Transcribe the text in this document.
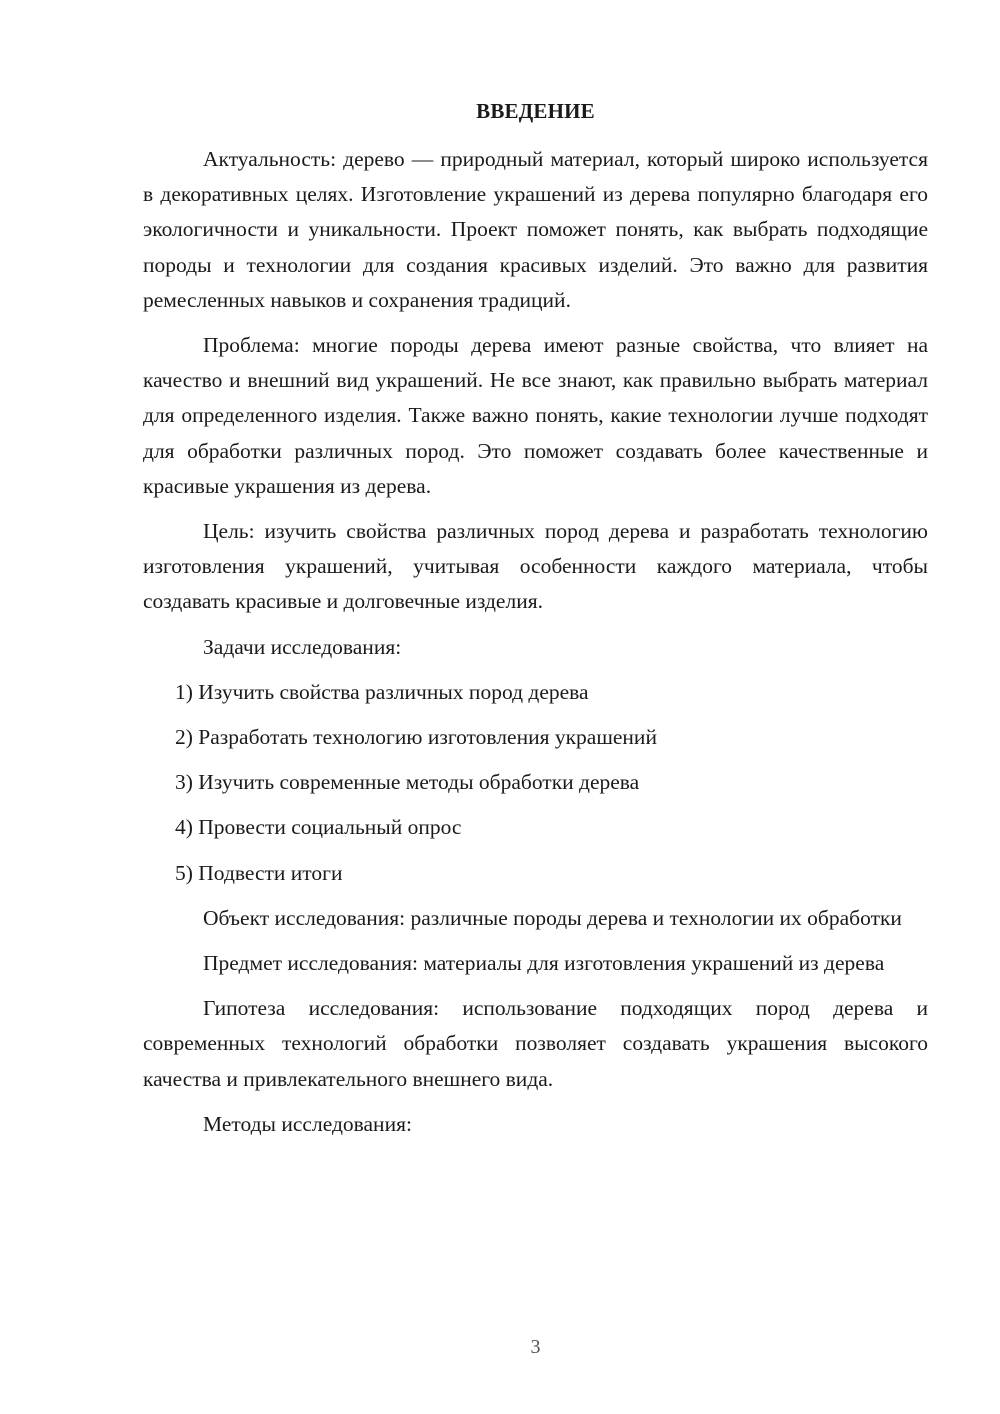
ВВЕДЕНИЕ

Актуальность: дерево — природный материал, который широко используется в декоративных целях. Изготовление украшений из дерева популярно благодаря его экологичности и уникальности. Проект поможет понять, как выбрать подходящие породы и технологии для создания красивых изделий. Это важно для развития ремесленных навыков и сохранения традиций.

Проблема: многие породы дерева имеют разные свойства, что влияет на качество и внешний вид украшений. Не все знают, как правильно выбрать материал для определенного изделия. Также важно понять, какие технологии лучше подходят для обработки различных пород. Это поможет создавать более качественные и красивые украшения из дерева.

Цель: изучить свойства различных пород дерева и разработать технологию изготовления украшений, учитывая особенности каждого материала, чтобы создавать красивые и долговечные изделия.

Задачи исследования:

1) Изучить свойства различных пород дерева
2) Разработать технологию изготовления украшений
3) Изучить современные методы обработки дерева
4) Провести социальный опрос
5) Подвести итоги

Объект исследования: различные породы дерева и технологии их обработки

Предмет исследования: материалы для изготовления украшений из дерева

Гипотеза исследования: использование подходящих пород дерева и современных технологий обработки позволяет создавать украшения высокого качества и привлекательного внешнего вида.

Методы исследования:

3
